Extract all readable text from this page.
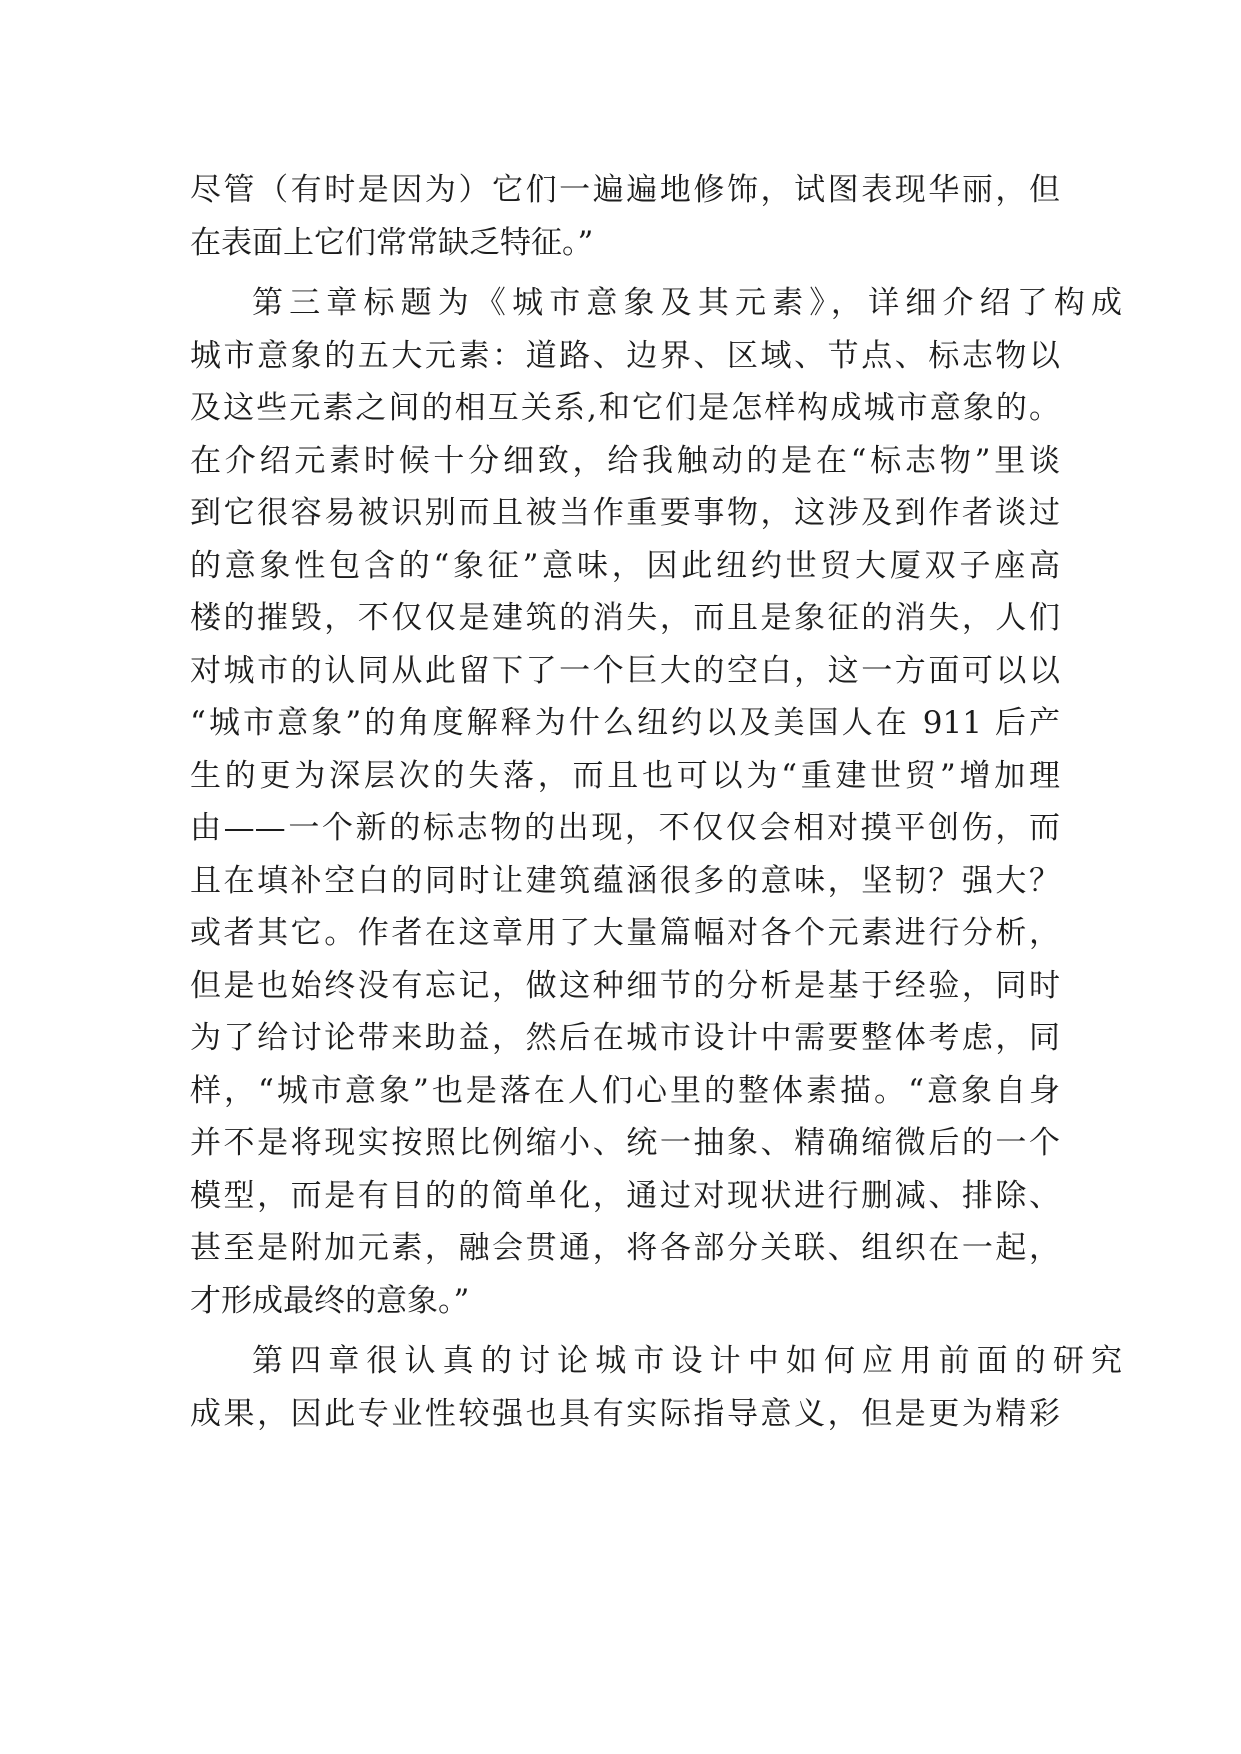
尽管（有时是因为）它们一遍遍地修饰，试图表现华丽，但
在表面上它们常常缺乏特征。”
第三章标题为《城市意象及其元素》，详细介绍了构成
城市意象的五大元素：道路、边界、区域、节点、标志物以
及这些元素之间的相互关系,和它们是怎样构成城市意象的。
在介绍元素时候十分细致，给我触动的是在“标志物”里谈
到它很容易被识别而且被当作重要事物，这涉及到作者谈过
的意象性包含的“象征”意味，因此纽约世贸大厦双子座高
楼的摧毁，不仅仅是建筑的消失，而且是象征的消失，人们
对城市的认同从此留下了一个巨大的空白，这一方面可以以
“城市意象”的角度解释为什么纽约以及美国人在 911 后产
生的更为深层次的失落，而且也可以为“重建世贸”增加理
由——一个新的标志物的出现，不仅仅会相对摸平创伤，而
且在填补空白的同时让建筑蕴涵很多的意味，坚韧？强大？
或者其它。作者在这章用了大量篇幅对各个元素进行分析，
但是也始终没有忘记，做这种细节的分析是基于经验，同时
为了给讨论带来助益，然后在城市设计中需要整体考虑，同
样，“城市意象”也是落在人们心里的整体素描。“意象自身
并不是将现实按照比例缩小、统一抽象、精确缩微后的一个
模型，而是有目的的简单化，通过对现状进行删减、排除、
甚至是附加元素，融会贯通，将各部分关联、组织在一起，
才形成最终的意象。”
第四章很认真的讨论城市设计中如何应用前面的研究
成果，因此专业性较强也具有实际指导意义，但是更为精彩
